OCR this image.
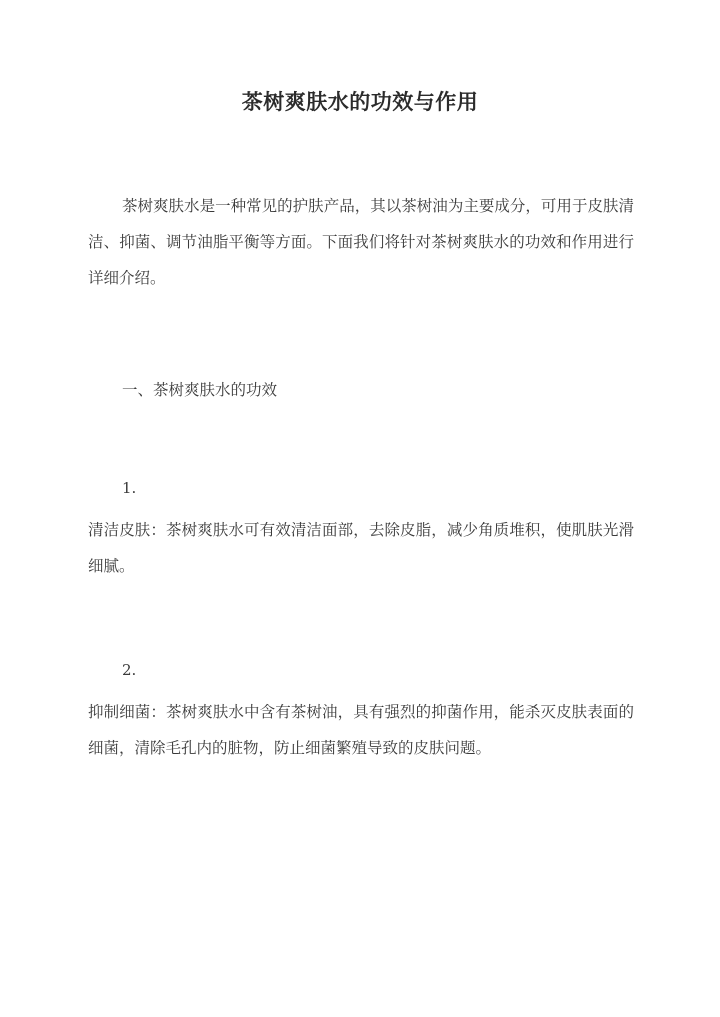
茶树爽肤水的功效与作用
茶树爽肤水是一种常见的护肤产品，其以茶树油为主要成分，可用于皮肤清洁、抑菌、调节油脂平衡等方面。下面我们将针对茶树爽肤水的功效和作用进行详细介绍。
一、茶树爽肤水的功效
1.
清洁皮肤：茶树爽肤水可有效清洁面部，去除皮脂，减少角质堆积，使肌肤光滑细腻。
2.
抑制细菌：茶树爽肤水中含有茶树油，具有强烈的抑菌作用，能杀灭皮肤表面的细菌，清除毛孔内的脏物，防止细菌繁殖导致的皮肤问题。
